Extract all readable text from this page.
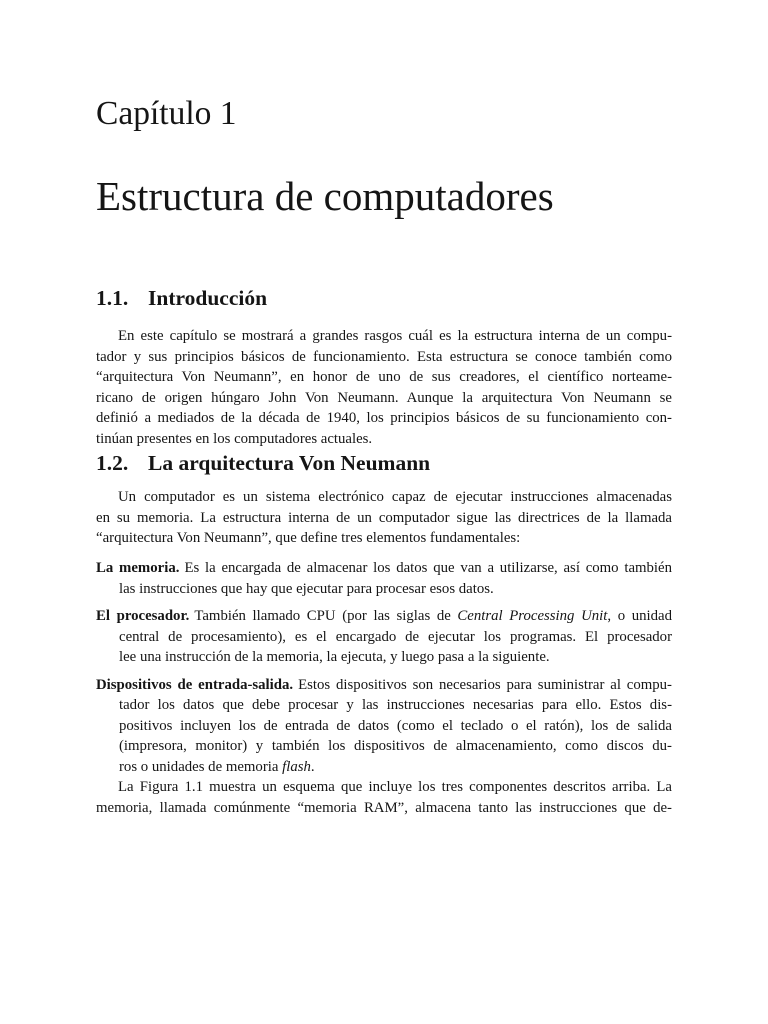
Capítulo 1
Estructura de computadores
1.1. Introducción
En este capítulo se mostrará a grandes rasgos cuál es la estructura interna de un compu-
tador y sus principios básicos de funcionamiento. Esta estructura se conoce también como
“arquitectura Von Neumann”, en honor de uno de sus creadores, el científico norteame-
ricano de origen húngaro John Von Neumann. Aunque la arquitectura Von Neumann se
definió a mediados de la década de 1940, los principios básicos de su funcionamiento con-
tinúan presentes en los computadores actuales.
1.2. La arquitectura Von Neumann
Un computador es un sistema electrónico capaz de ejecutar instrucciones almacenadas
en su memoria. La estructura interna de un computador sigue las directrices de la llamada
“arquitectura Von Neumann”, que define tres elementos fundamentales:
La memoria. Es la encargada de almacenar los datos que van a utilizarse, así como también
las instrucciones que hay que ejecutar para procesar esos datos.
El procesador. También llamado CPU (por las siglas de Central Processing Unit, o unidad
central de procesamiento), es el encargado de ejecutar los programas. El procesador
lee una instrucción de la memoria, la ejecuta, y luego pasa a la siguiente.
Dispositivos de entrada-salida. Estos dispositivos son necesarios para suministrar al compu-
tador los datos que debe procesar y las instrucciones necesarias para ello. Estos dis-
positivos incluyen los de entrada de datos (como el teclado o el ratón), los de salida
(impresora, monitor) y también los dispositivos de almacenamiento, como discos du-
ros o unidades de memoria flash.
La Figura 1.1 muestra un esquema que incluye los tres componentes descritos arriba. La
memoria, llamada comúnmente “memoria RAM”, almacena tanto las instrucciones que de-
